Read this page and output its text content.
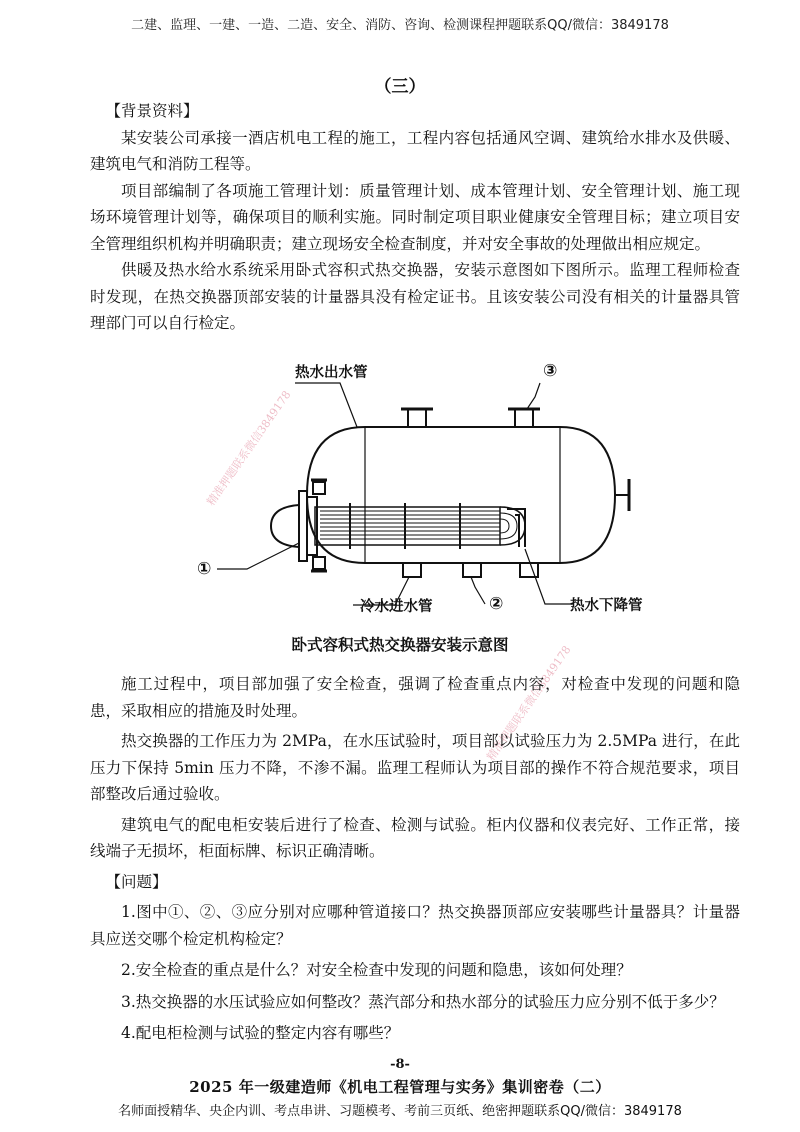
二建、监理、一建、一造、二造、安全、消防、咨询、检测课程押题联系QQ/微信：3849178
（三）

【背景资料】

某安装公司承接一酒店机电工程的施工，工程内容包括通风空调、建筑给水排水及供暖、建筑电气和消防工程等。

项目部编制了各项施工管理计划：质量管理计划、成本管理计划、安全管理计划、施工现场环境管理计划等，确保项目的顺利实施。同时制定项目职业健康安全管理目标；建立项目安全管理组织机构并明确职责；建立现场安全检查制度，并对安全事故的处理做出相应规定。

供暖及热水给水系统采用卧式容积式热交换器，安装示意图如下图所示。监理工程师检查时发现，在热交换器顶部安装的计量器具没有检定证书。且该安装公司没有相关的计量器具管理部门可以自行检定。

热水出水管	③
①
冷水进水管	②	热水下降管
卧式容积式热交换器安装示意图
精准押题联系微信3849178
精准押题联系微信3849178

施工过程中，项目部加强了安全检查，强调了检查重点内容，对检查中发现的问题和隐患，采取相应的措施及时处理。

热交换器的工作压力为 2MPa，在水压试验时，项目部以试验压力为 2.5MPa 进行，在此压力下保持 5min 压力不降，不渗不漏。监理工程师认为项目部的操作不符合规范要求，项目部整改后通过验收。

建筑电气的配电柜安装后进行了检查、检测与试验。柜内仪器和仪表完好、工作正常，接线端子无损坏，柜面标牌、标识正确清晰。

【问题】

1.图中①、②、③应分别对应哪种管道接口？热交换器顶部应安装哪些计量器具？计量器具应送交哪个检定机构检定？

2.安全检查的重点是什么？对安全检查中发现的问题和隐患，该如何处理？

3.热交换器的水压试验应如何整改？蒸汽部分和热水部分的试验压力应分别不低于多少？

4.配电柜检测与试验的整定内容有哪些？

-8-
2025 年一级建造师《机电工程管理与实务》集训密卷（二）
名师面授精华、央企内训、考点串讲、习题模考、考前三页纸、绝密押题联系QQ/微信：3849178
